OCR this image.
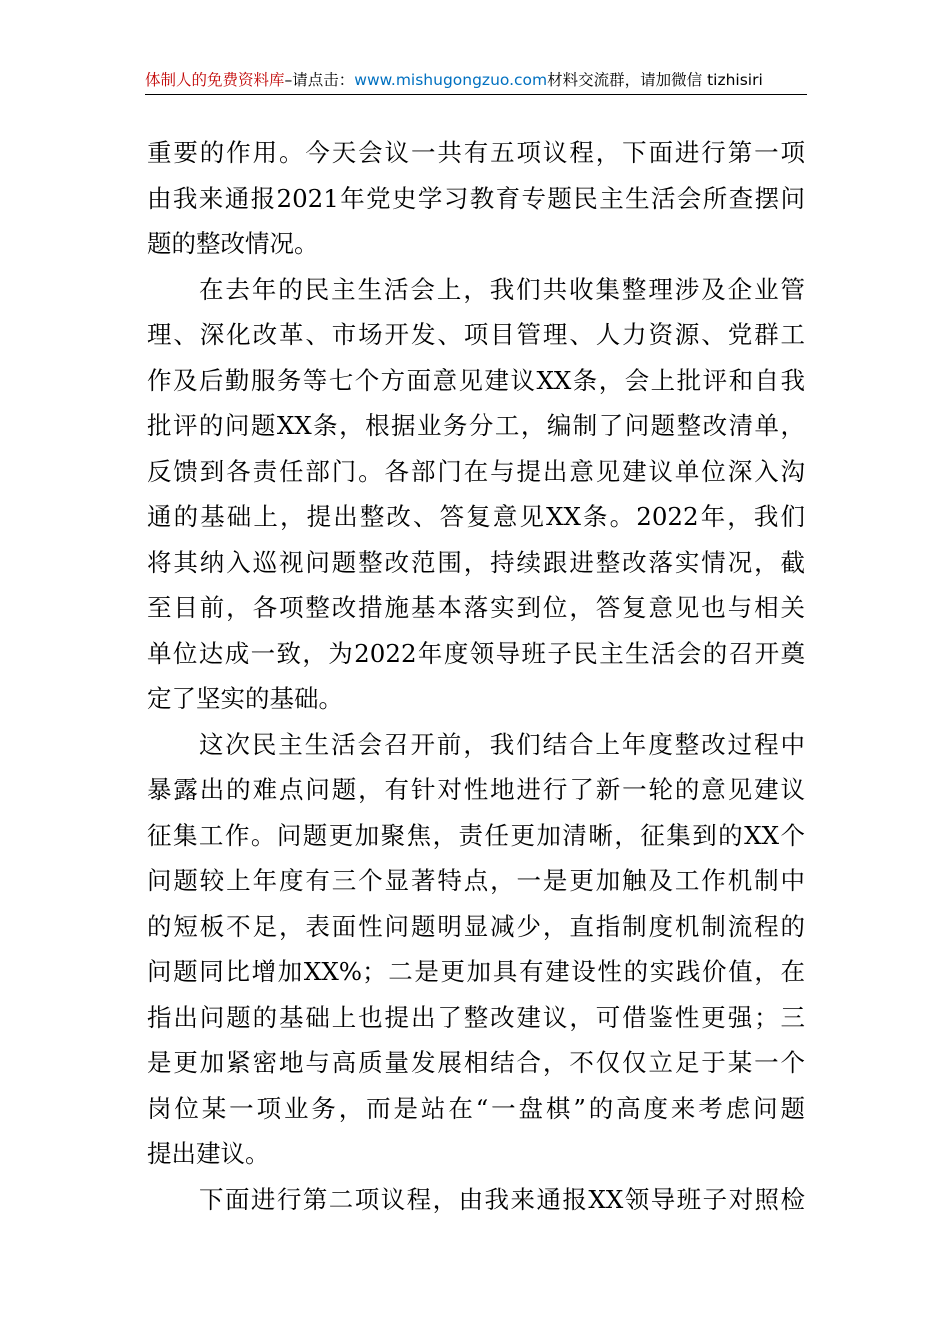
体制人的免费资料库–请点击：www.mishugongzuo.com材料交流群，请加微信 tizhisiri

重要的作用。今天会议一共有五项议程，下面进行第一项
由我来通报2021年党史学习教育专题民主生活会所查摆问
题的整改情况。

在去年的民主生活会上，我们共收集整理涉及企业管
理、深化改革、市场开发、项目管理、人力资源、党群工
作及后勤服务等七个方面意见建议XX条，会上批评和自我
批评的问题XX条，根据业务分工，编制了问题整改清单，
反馈到各责任部门。各部门在与提出意见建议单位深入沟
通的基础上，提出整改、答复意见XX条。2022年，我们
将其纳入巡视问题整改范围，持续跟进整改落实情况，截
至目前，各项整改措施基本落实到位，答复意见也与相关
单位达成一致，为2022年度领导班子民主生活会的召开奠
定了坚实的基础。

这次民主生活会召开前，我们结合上年度整改过程中
暴露出的难点问题，有针对性地进行了新一轮的意见建议
征集工作。问题更加聚焦，责任更加清晰，征集到的XX个
问题较上年度有三个显著特点，一是更加触及工作机制中
的短板不足，表面性问题明显减少，直指制度机制流程的
问题同比增加XX%；二是更加具有建设性的实践价值，在
指出问题的基础上也提出了整改建议，可借鉴性更强；三
是更加紧密地与高质量发展相结合，不仅仅立足于某一个
岗位某一项业务，而是站在“一盘棋”的高度来考虑问题
提出建议。

下面进行第二项议程，由我来通报XX领导班子对照检
